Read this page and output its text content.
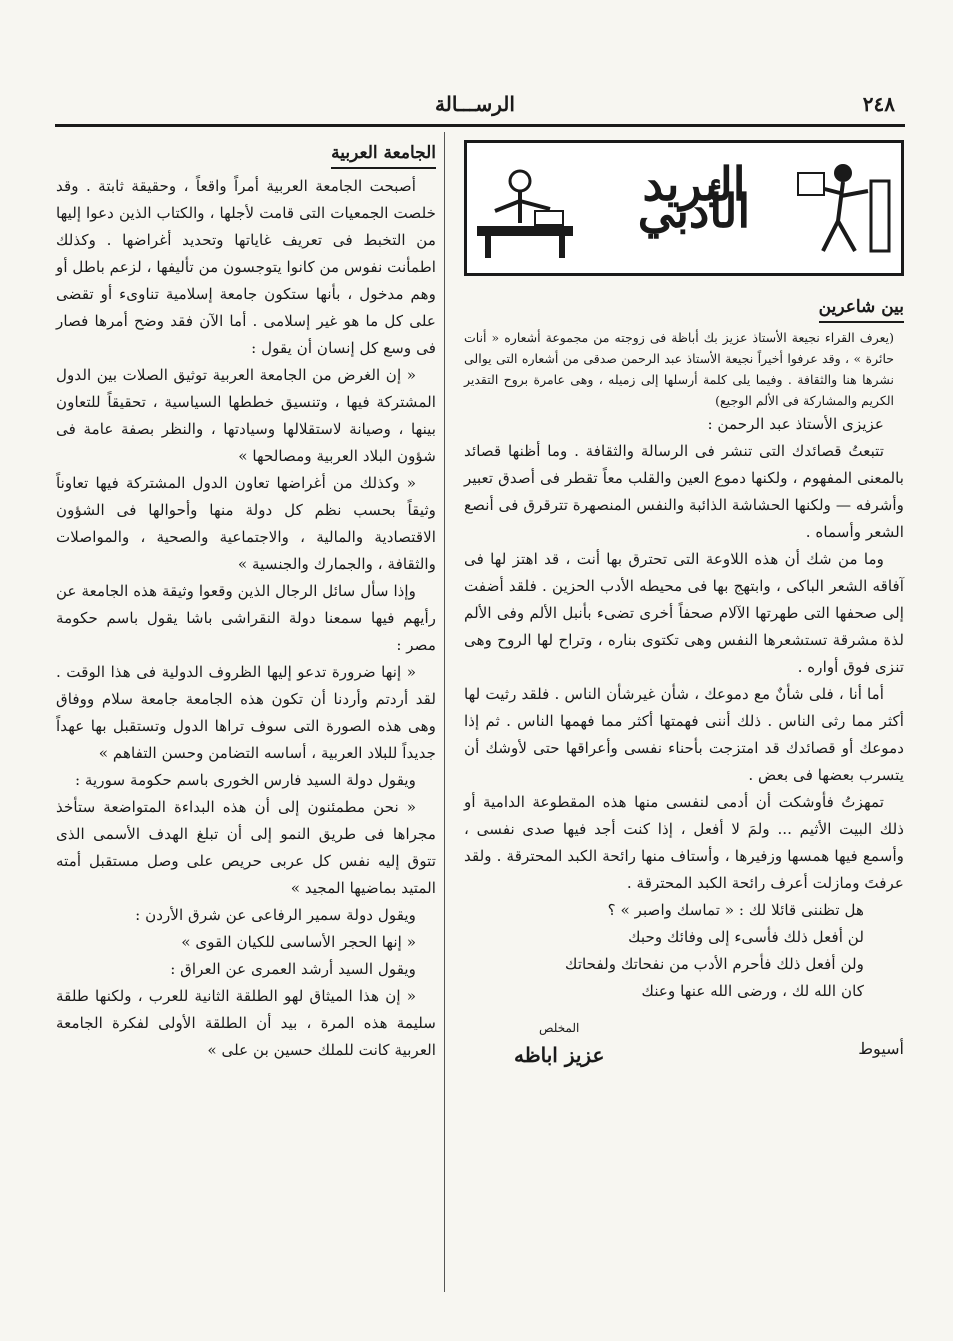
٢٤٨
الرســـالة
البريد الأدبي
بين شاعرين

(يعرف القراء نجيعة الأستاذ عزيز بك أباظة فى زوجته من مجموعة أشعاره « أنات حائرة » ، وقد عرفوا أخيراً نجيعة الأستاذ عبد الرحمن صدقى من أشعاره التى يوالى نشرها هنا والثقافة . وفيما يلى كلمة أرسلها إلى زميله ، وهى عامرة بروح التقدير الكريم والمشاركة فى الألم الوجيع)

عزيزى الأستاذ عبد الرحمن :

تتبعتُ قصائدك التى تنشر فى الرسالة والثقافة . وما أظنها قصائد بالمعنى المفهوم ، ولكنها دموع العين والقلب معاً تقطر فى أصدق تعبير وأشرفه — ولكنها الحشاشة الذائبة والنفس المنصهرة تترقرق فى أنصع الشعر وأسماه .

وما من شك أن هذه اللاوعة التى تحترق بها أنت ، قد اهتز لها فى آفاقه الشعر الباكى ، وابتهج بها فى محيطه الأدب الحزين . فلقد أضفت إلى صحفها التى طهرتها الآلام صحفاً أخرى تضىء بأنبل الألم وفى الألم لذة مشرقة تستشعرها النفس وهى تكتوى بناره ، وتراح لها الروح وهى تنزى فوق أواره .

أما أنا ، فلى شأنٌ مع دموعك ، شأن غيرشأن الناس . فلقد رثيت لها أكثر مما رثى الناس . ذلك أننى فهمتها أكثر مما فهمها الناس . ثم إذا دموعك أو قصائدك قد امتزجت بأحناء نفسى وأعراقها حتى لأوشك أن يتسرب بعضها فى بعض .

تمهزتُ فأوشكت أن أدمى لنفسى منها هذه المقطوعة الدامية أو ذلك البيت الأثيم ... ولمَ لا أفعل ، إذا كنت أجد فيها صدى نفسى ، وأسمع فيها همسها وزفيرها ، وأستاف منها رائحة الكبد المحترقة . ولقد عرفتَ ومازلت أعرف رائحة الكبد المحترقة .

هل تظننى قائلا لك : « تماسك واصبر » ؟

لن أفعل ذلك فأسىء إلى وفائك وحبك

ولن أفعل ذلك فأحرم الأدب من نفحاتك ولفحاتك

كان الله لك ، ورضى الله عنها وعنك

أسيوط
المخلص
عزيز اباظه
الجامعة العربية

أصبحت الجامعة العربية أمراً واقعاً ، وحقيقة ثابتة . وقد خلصت الجمعيات التى قامت لأجلها ، والكتاب الذين دعوا إليها من التخبط فى تعريف غاياتها وتحديد أغراضها . وكذلك اطمأنت نفوس من كانوا يتوجسون من تأليفها ، لزعم باطل أو وهم مدخول ، بأنها ستكون جامعة إسلامية تناوىء أو تقضى على كل ما هو غير إسلامى . أما الآن فقد وضح أمرها فصار فى وسع كل إنسان أن يقول :

« إن الغرض من الجامعة العربية توثيق الصلات بين الدول المشتركة فيها ، وتنسيق خططها السياسية ، تحقيقاً للتعاون بينها ، وصيانة لاستقلالها وسيادتها ، والنظر بصفة عامة فى شؤون البلاد العربية ومصالحها »

« وكذلك من أغراضها تعاون الدول المشتركة فيها تعاوناً وثيقاً بحسب نظم كل دولة منها وأحوالها فى الشؤون الاقتصادية والمالية ، والاجتماعية والصحية ، والمواصلات والثقافة ، والجمارك والجنسية »

وإذا سأل سائل الرجال الذين وقعوا وثيقة هذه الجامعة عن رأيهم فيها سمعنا دولة النقراشى باشا يقول باسم حكومة مصر :

« إنها ضرورة تدعو إليها الظروف الدولية فى هذا الوقت . لقد أردتم وأردنا أن تكون هذه الجامعة جامعة سلام ووفاق وهى هذه الصورة التى سوف تراها الدول وتستقبل بها عهداً جديداً للبلاد العربية ، أساسه التضامن وحسن التفاهم »

ويقول دولة السيد فارس الخورى باسم حكومة سورية :

« نحن مطمئنون إلى أن هذه البداءة المتواضعة ستأخذ مجراها فى طريق النمو إلى أن تبلغ الهدف الأسمى الذى تتوق إليه نفس كل عربى حريص على وصل مستقبل أمته المتيد بماضيها المجيد »

ويقول دولة سمير الرفاعى عن شرق الأردن :

« إنها الحجر الأساسى للكيان القوى »

ويقول السيد أرشد العمرى عن العراق :

« إن هذا الميثاق لهو الطلقة الثانية للعرب ، ولكنها طلقة سليمة هذه المرة ، بيد أن الطلقة الأولى لفكرة الجامعة العربية كانت للملك حسين بن على »
